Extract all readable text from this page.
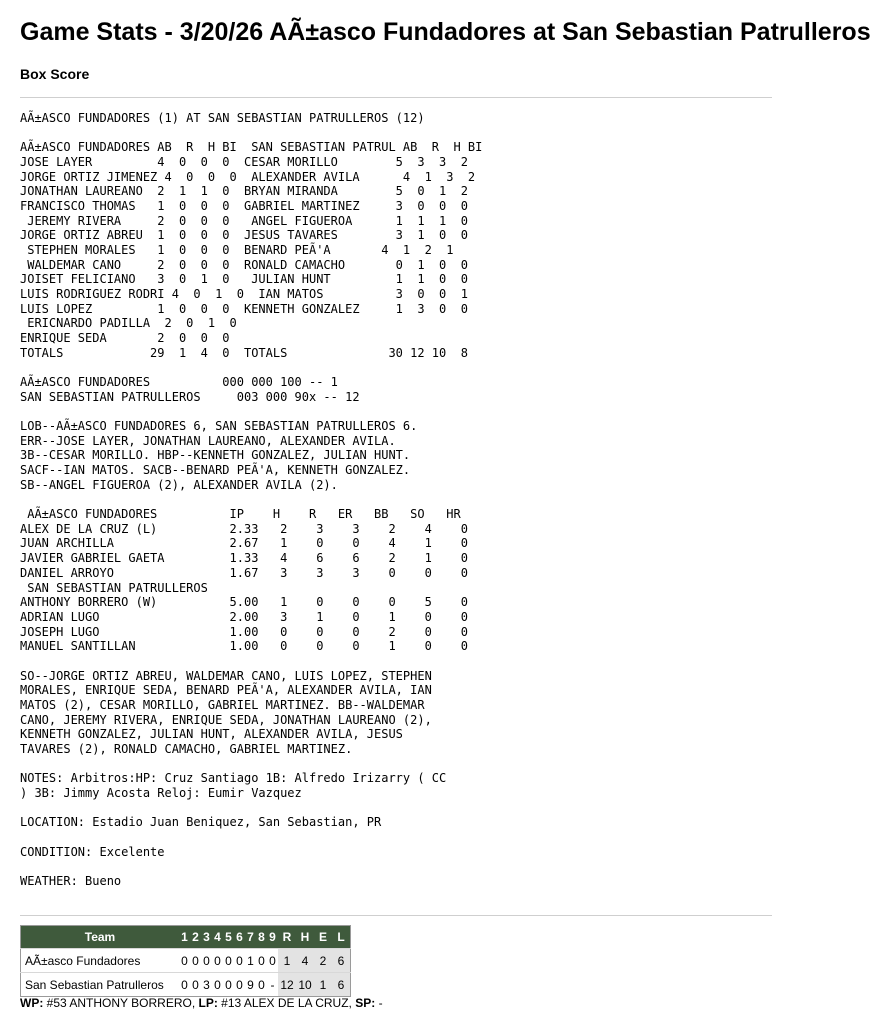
Game Stats - 3/20/26 AÃ±asco Fundadores at San Sebastian Patrulleros
Box Score
AÃ±ASCO FUNDADORES (1) AT SAN SEBASTIAN PATRULLEROS (12)

AÃ±ASCO FUNDADORES AB  R  H BI  SAN SEBASTIAN PATRUL AB  R  H BI
JOSE LAYER         4  0  0  0  CESAR MORILLO        5  3  3  2
JORGE ORTIZ JIMENEZ 4  0  0  0  ALEXANDER AVILA      4  1  3  2
JONATHAN LAUREANO  2  1  1  0  BRYAN MIRANDA        5  0  1  2
FRANCISCO THOMAS   1  0  0  0  GABRIEL MARTINEZ     3  0  0  0
JEREMY RIVERA     2  0  0  0   ANGEL FIGUEROA      1  1  1  0
JORGE ORTIZ ABREU  1  0  0  0  JESUS TAVARES        3  1  0  0
STEPHEN MORALES   1  0  0  0  BENARD PEÃ'A       4  1  2  1
WALDEMAR CANO     2  0  0  0  RONALD CAMACHO       0  1  0  0
JOISET FELICIANO   3  0  1  0   JULIAN HUNT         1  1  0  0
LUIS RODRIGUEZ RODRI 4  0  1  0  IAN MATOS          3  0  0  1
LUIS LOPEZ         1  0  0  0  KENNETH GONZALEZ     1  3  0  0
ERICNARDO PADILLA  2  0  1  0
ENRIQUE SEDA       2  0  0  0
TOTALS            29  1  4  0  TOTALS              30 12 10  8

AÃ±ASCO FUNDADORES          000 000 100 -- 1
SAN SEBASTIAN PATRULLEROS     003 000 90x -- 12

LOB--AÃ±ASCO FUNDADORES 6, SAN SEBASTIAN PATRULLEROS 6.
ERR--JOSE LAYER, JONATHAN LAUREANO, ALEXANDER AVILA.
3B--CESAR MORILLO. HBP--KENNETH GONZALEZ, JULIAN HUNT.
SACF--IAN MATOS. SACB--BENARD PEÃ'A, KENNETH GONZALEZ.
SB--ANGEL FIGUEROA (2), ALEXANDER AVILA (2).

AÃ±ASCO FUNDADORES          IP    H    R   ER   BB   SO   HR
ALEX DE LA CRUZ (L)          2.33   2    3    3    2    4    0
JUAN ARCHILLA                2.67   1    0    0    4    1    0
JAVIER GABRIEL GAETA         1.33   4    6    6    2    1    0
DANIEL ARROYO                1.67   3    3    3    0    0    0
SAN SEBASTIAN PATRULLEROS
ANTHONY BORRERO (W)          5.00   1    0    0    0    5    0
ADRIAN LUGO                  2.00   3    1    0    1    0    0
JOSEPH LUGO                  1.00   0    0    0    2    0    0
MANUEL SANTILLAN             1.00   0    0    0    1    0    0

SO--JORGE ORTIZ ABREU, WALDEMAR CANO, LUIS LOPEZ, STEPHEN
MORALES, ENRIQUE SEDA, BENARD PEÃ'A, ALEXANDER AVILA, IAN
MATOS (2), CESAR MORILLO, GABRIEL MARTINEZ. BB--WALDEMAR
CANO, JEREMY RIVERA, ENRIQUE SEDA, JONATHAN LAUREANO (2),
KENNETH GONZALEZ, JULIAN HUNT, ALEXANDER AVILA, JESUS
TAVARES (2), RONALD CAMACHO, GABRIEL MARTINEZ.

NOTES: Arbitros:HP: Cruz Santiago 1B: Alfredo Irizarry ( CC
) 3B: Jimmy Acosta Reloj: Eumir Vazquez

LOCATION: Estadio Juan Beniquez, San Sebastian, PR

CONDITION: Excelente

WEATHER: Bueno

Team	1	2	3	4	5	6	7	8	9	R	H	E	L
AÃ±asco Fundadores	0	0	0	0	0	0	1	0	0	1	4	2	6
San Sebastian Patrulleros	0	0	3	0	0	0	9	0	-	12	10	1	6

WP: #53 ANTHONY BORRERO, LP: #13 ALEX DE LA CRUZ, SP: -
